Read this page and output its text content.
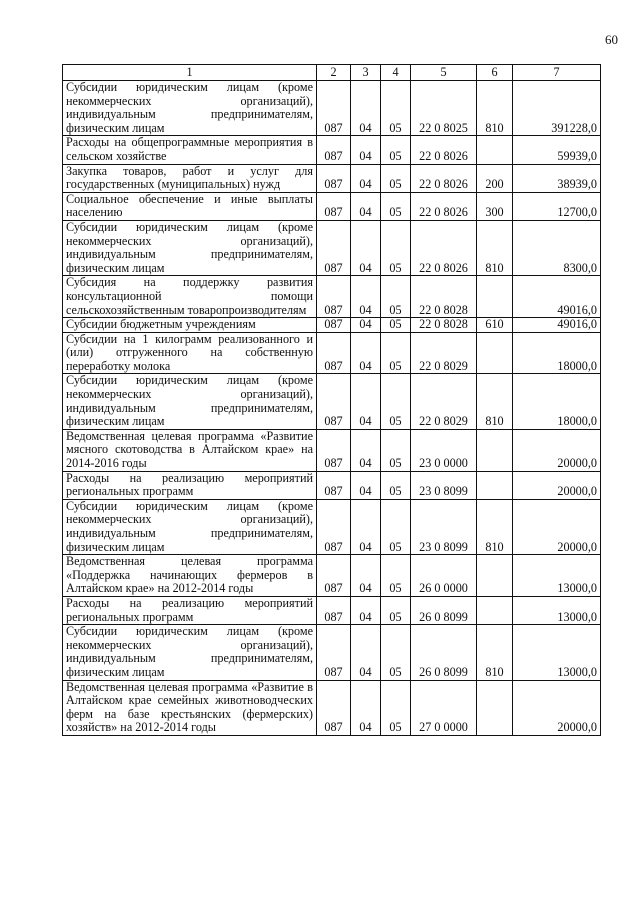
60
1	2	3	4	5	6	7
Субсидии юридическим лицам (кроме некоммерческих организаций), индивидуальным предпринимателям, физическим лицам	087	04	05	22 0 8025	810	391228,0
Расходы на общепрограммные мероприятия в сельском хозяйстве	087	04	05	22 0 8026		59939,0
Закупка товаров, работ и услуг для государственных (муниципальных) нужд	087	04	05	22 0 8026	200	38939,0
Социальное обеспечение и иные выплаты населению	087	04	05	22 0 8026	300	12700,0
Субсидии юридическим лицам (кроме некоммерческих организаций), индивидуальным предпринимателям, физическим лицам	087	04	05	22 0 8026	810	8300,0
Субсидия на поддержку развития консультационной помощи сельскохозяйственным товаропроизводителям	087	04	05	22 0 8028		49016,0
Субсидии бюджетным учреждениям	087	04	05	22 0 8028	610	49016,0
Субсидии на 1 килограмм реализованного и (или) отгруженного на собственную переработку молока	087	04	05	22 0 8029		18000,0
Субсидии юридическим лицам (кроме некоммерческих организаций), индивидуальным предпринимателям, физическим лицам	087	04	05	22 0 8029	810	18000,0
Ведомственная целевая программа «Развитие мясного скотоводства в Алтайском крае» на 2014-2016 годы	087	04	05	23 0 0000		20000,0
Расходы на реализацию мероприятий региональных программ	087	04	05	23 0 8099		20000,0
Субсидии юридическим лицам (кроме некоммерческих организаций), индивидуальным предпринимателям, физическим лицам	087	04	05	23 0 8099	810	20000,0
Ведомственная целевая программа «Поддержка начинающих фермеров в Алтайском крае» на 2012-2014 годы	087	04	05	26 0 0000		13000,0
Расходы на реализацию мероприятий региональных программ	087	04	05	26 0 8099		13000,0
Субсидии юридическим лицам (кроме некоммерческих организаций), индивидуальным предпринимателям, физическим лицам	087	04	05	26 0 8099	810	13000,0
Ведомственная целевая программа «Развитие в Алтайском крае семейных животноводческих ферм на базе крестьянских (фермерских) хозяйств» на 2012-2014 годы	087	04	05	27 0 0000		20000,0
